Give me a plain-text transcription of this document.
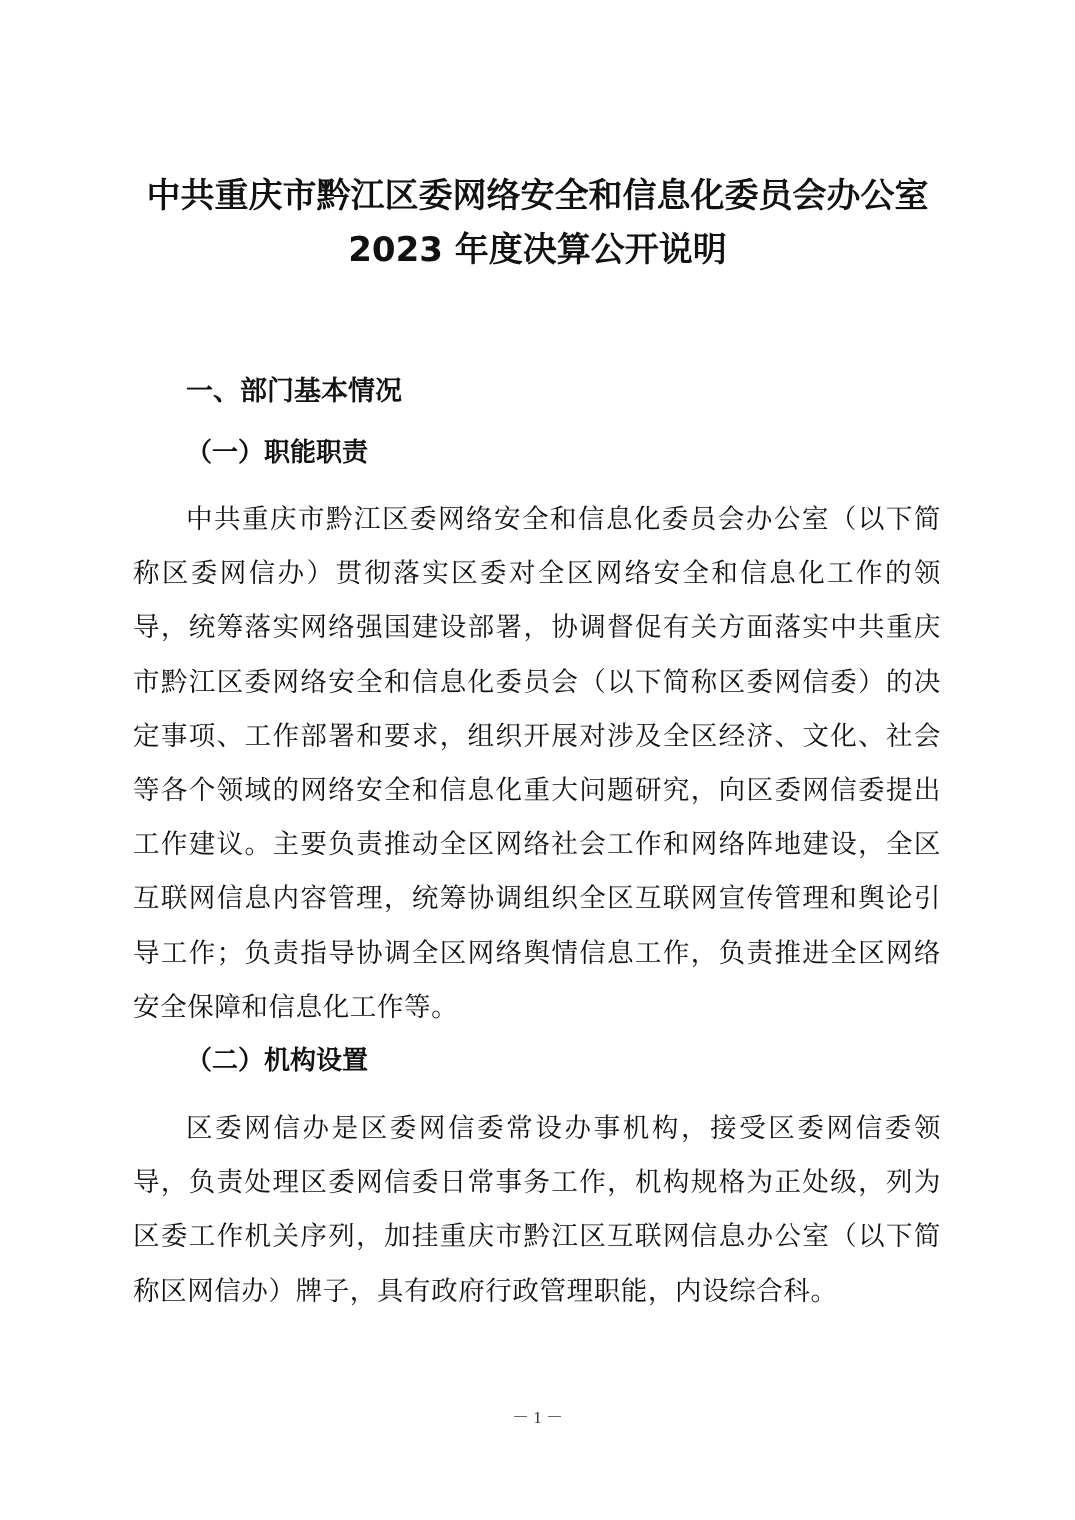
中共重庆市黔江区委网络安全和信息化委员会办公室
2023 年度决算公开说明
一、部门基本情况
（一）职能职责

中共重庆市黔江区委网络安全和信息化委员会办公室（以下简称区委网信办）贯彻落实区委对全区网络安全和信息化工作的领导，统筹落实网络强国建设部署，协调督促有关方面落实中共重庆市黔江区委网络安全和信息化委员会（以下简称区委网信委）的决定事项、工作部署和要求，组织开展对涉及全区经济、文化、社会等各个领域的网络安全和信息化重大问题研究，向区委网信委提出工作建议。主要负责推动全区网络社会工作和网络阵地建设，全区互联网信息内容管理，统筹协调组织全区互联网宣传管理和舆论引导工作；负责指导协调全区网络舆情信息工作，负责推进全区网络安全保障和信息化工作等。

（二）机构设置

区委网信办是区委网信委常设办事机构，接受区委网信委领导，负责处理区委网信委日常事务工作，机构规格为正处级，列为区委工作机关序列，加挂重庆市黔江区互联网信息办公室（以下简称区网信办）牌子，具有政府行政管理职能，内设综合科。

－ 1 －
